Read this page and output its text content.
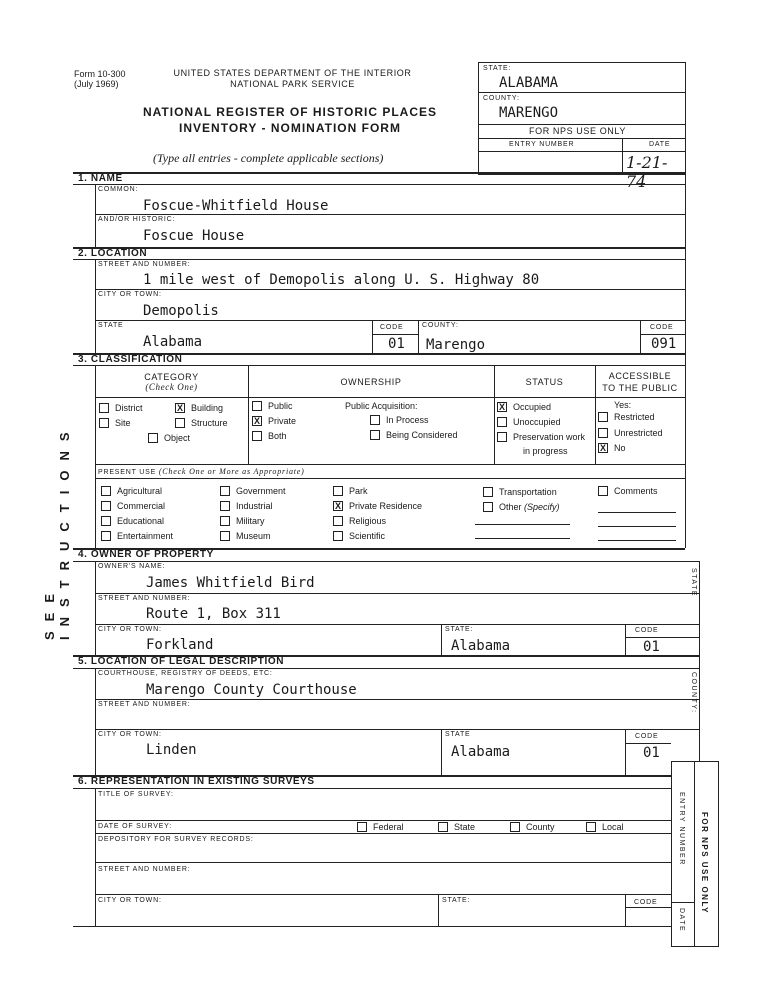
Form 10-300
(July 1969)
UNITED STATES DEPARTMENT OF THE INTERIOR
NATIONAL PARK SERVICE
NATIONAL REGISTER OF HISTORIC PLACES
INVENTORY - NOMINATION FORM
(Type all entries - complete applicable sections)
STATE:
ALABAMA
COUNTY:
MARENGO
FOR NPS USE ONLY
ENTRY NUMBER	DATE
1-21-74
SEE INSTRUCTIONS
1. NAME
COMMON:
Foscue-Whitfield House
AND/OR HISTORIC:
Foscue House
2. LOCATION
STREET AND NUMBER:
1 mile west of Demopolis along U. S. Highway 80
CITY OR TOWN:
Demopolis
STATE
Alabama
CODE
01
COUNTY:
Marengo
CODE
091
3. CLASSIFICATION
CATEGORY
(Check One)	OWNERSHIP	STATUS
ACCESSIBLE
TO THE PUBLIC
District	X Building
Site	Structure
Object
Public
X Private
Both
Public Acquisition:
In Process
Being Considered
X Occupied
Unoccupied
Preservation work
in progress
Yes:
Restricted
Unrestricted
X No
PRESENT USE (Check One or More as Appropriate)
Agricultural
Commercial
Educational
Entertainment
Government
Industrial
Military
Museum
Park
X Private Residence
Religious
Scientific
Transportation
Other
(Specify)
Comments
4. OWNER OF PROPERTY
OWNER'S NAME:
James Whitfield Bird
STREET AND NUMBER:
Route 1, Box 311
CITY OR TOWN:
Forkland
STATE:
Alabama
CODE
01
STATE
5. LOCATION OF LEGAL DESCRIPTION
COURTHOUSE, REGISTRY OF DEEDS, ETC:
Marengo County Courthouse
STREET AND NUMBER:
CITY OR TOWN:
Linden
STATE
Alabama
CODE
01
COUNTY:
6. REPRESENTATION IN EXISTING SURVEYS
TITLE OF SURVEY:
DATE OF SURVEY:	Federal	State	County	Local
DEPOSITORY FOR SURVEY RECORDS:
STREET AND NUMBER:
CITY OR TOWN:	STATE:	CODE
ENTRY NUMBER
DATE
FOR NPS USE ONLY
